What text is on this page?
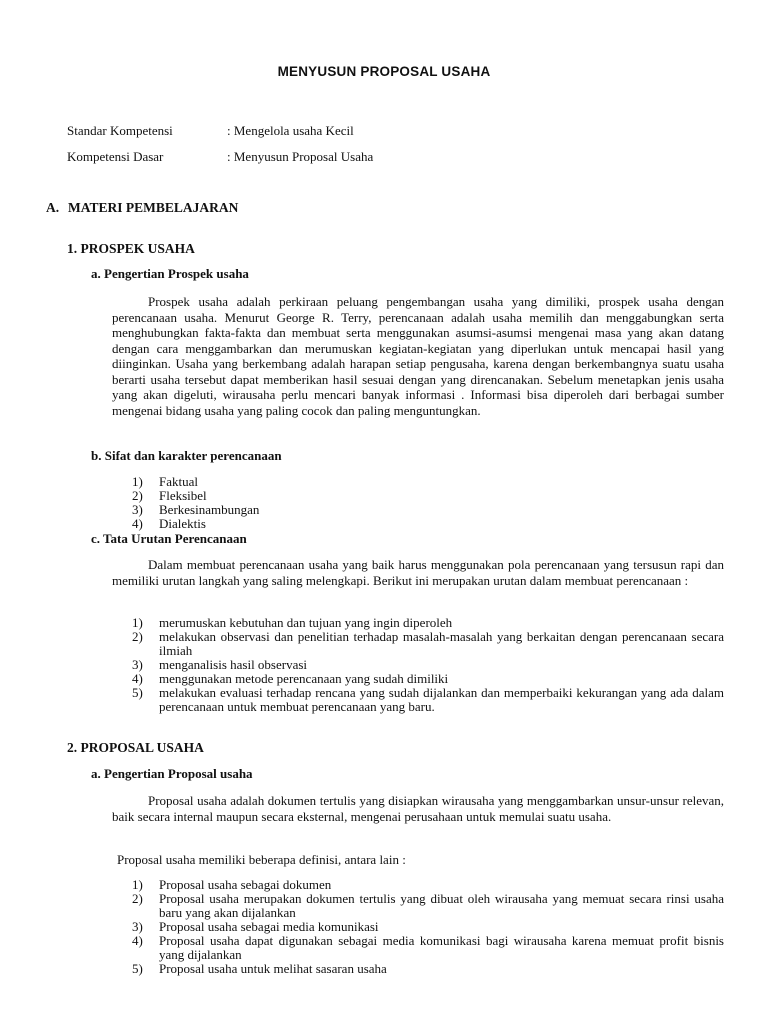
MENYUSUN PROPOSAL USAHA
Standar Kompetensi	: Mengelola usaha Kecil
Kompetensi Dasar	: Menyusun Proposal Usaha
A. MATERI PEMBELAJARAN
1. PROSPEK USAHA
a. Pengertian Prospek usaha

Prospek usaha adalah perkiraan peluang pengembangan usaha yang dimiliki, prospek usaha dengan perencanaan usaha. Menurut George R. Terry, perencanaan adalah usaha memilih dan menggabungkan serta menghubungkan fakta-fakta dan membuat serta menggunakan asumsi-asumsi mengenai masa yang akan datang dengan cara menggambarkan dan merumuskan kegiatan-kegiatan yang diperlukan untuk mencapai hasil yang diinginkan. Usaha yang berkembang adalah harapan setiap pengusaha, karena dengan berkembangnya suatu usaha berarti usaha tersebut dapat memberikan hasil sesuai dengan yang direncanakan. Sebelum menetapkan jenis usaha yang akan digeluti, wirausaha perlu mencari banyak informasi . Informasi bisa diperoleh dari berbagai sumber mengenai bidang usaha yang paling cocok dan paling menguntungkan.

b. Sifat dan karakter perencanaan
1) Faktual
2) Fleksibel
3) Berkesinambungan
4) Dialektis
c. Tata Urutan Perencanaan

Dalam membuat perencanaan usaha yang baik harus menggunakan pola perencanaan yang tersusun rapi dan memiliki urutan langkah yang saling melengkapi. Berikut ini merupakan urutan dalam membuat perencanaan :

1) merumuskan kebutuhan dan tujuan yang ingin diperoleh
2) melakukan observasi dan penelitian terhadap masalah-masalah yang berkaitan dengan perencanaan secara ilmiah
3) menganalisis hasil observasi
4) menggunakan metode perencanaan yang sudah dimiliki
5) melakukan evaluasi terhadap rencana yang sudah dijalankan dan memperbaiki kekurangan yang ada dalam perencanaan untuk membuat perencanaan yang baru.
2. PROPOSAL USAHA
a. Pengertian Proposal usaha

Proposal usaha adalah dokumen tertulis yang disiapkan wirausaha yang menggambarkan unsur-unsur relevan, baik secara internal maupun secara eksternal, mengenai perusahaan untuk memulai suatu usaha.

Proposal usaha memiliki beberapa definisi, antara lain :
1) Proposal usaha sebagai dokumen
2) Proposal usaha merupakan dokumen tertulis yang dibuat oleh wirausaha yang memuat secara rinsi usaha baru yang akan dijalankan
3) Proposal usaha sebagai media komunikasi
4) Proposal usaha dapat digunakan sebagai media komunikasi bagi wirausaha karena memuat profit bisnis yang dijalankan
5) Proposal usaha untuk melihat sasaran usaha
